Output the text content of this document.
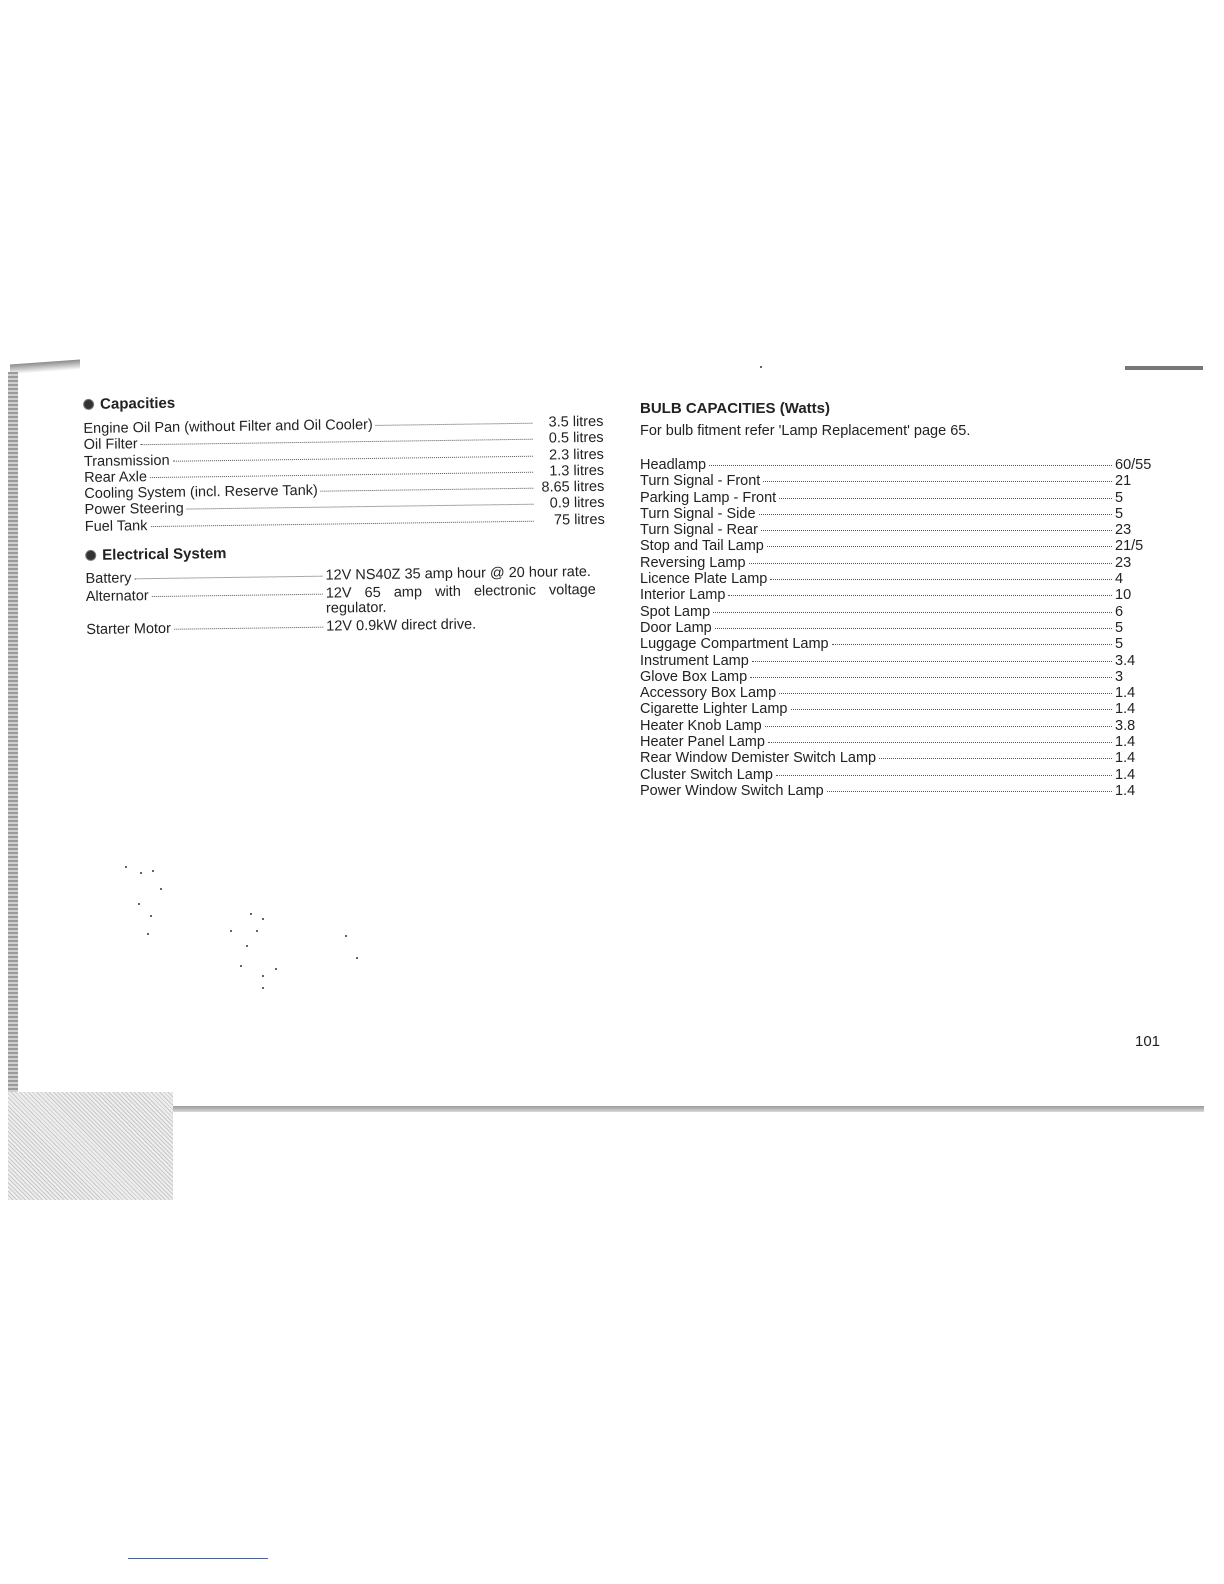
Capacities
Engine Oil Pan (without Filter and Oil Cooler)	3.5 litres
Oil Filter	0.5 litres
Transmission	2.3 litres
Rear Axle	1.3 litres
Cooling System (incl. Reserve Tank)	8.65 litres
Power Steering	0.9 litres
Fuel Tank	75 litres
Electrical System
Battery	12V NS40Z 35 amp hour @ 20 hour rate.
Alternator	12V 65 amp with electronic voltage regulator.
Starter Motor	12V 0.9kW direct drive.
BULB CAPACITIES (Watts)
For bulb fitment refer 'Lamp Replacement' page 65.
Headlamp	60/55
Turn Signal - Front	21
Parking Lamp - Front	5
Turn Signal - Side	5
Turn Signal - Rear	23
Stop and Tail Lamp	21/5
Reversing Lamp	23
Licence Plate Lamp	4
Interior Lamp	10
Spot Lamp	6
Door Lamp	5
Luggage Compartment Lamp	5
Instrument Lamp	3.4
Glove Box Lamp	3
Accessory Box Lamp	1.4
Cigarette Lighter Lamp	1.4
Heater Knob Lamp	3.8
Heater Panel Lamp	1.4
Rear Window Demister Switch Lamp	1.4
Cluster Switch Lamp	1.4
Power Window Switch Lamp	1.4
101
